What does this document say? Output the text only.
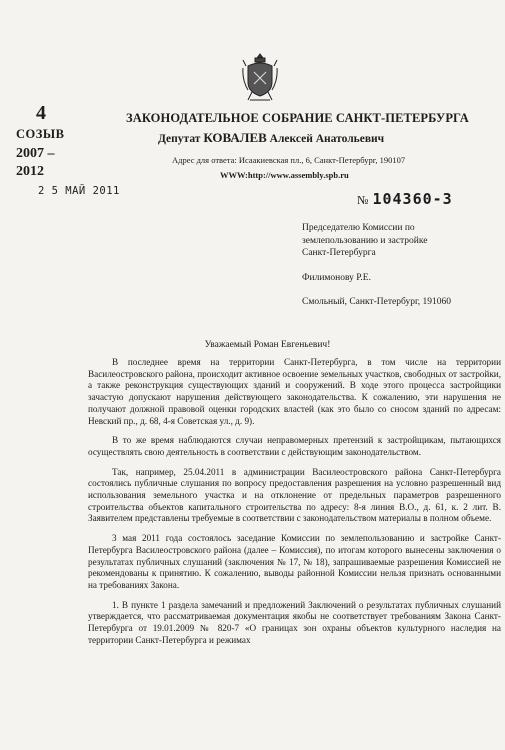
4
СОЗЫВ
2007 –
2012
ЗАКОНОДАТЕЛЬНОЕ СОБРАНИЕ САНКТ-ПЕТЕРБУРГА
Депутат КОВАЛЕВ Алексей Анатольевич
Адрес для ответа: Исаакиевская пл., 6, Санкт-Петербург, 190107
WWW:http://www.assembly.spb.ru
2 5 МАЙ 2011
№ 104360-3
Председателю Комиссии по
землепользованию и застройке
Санкт-Петербурга
Филимонову Р.Е.
Смольный, Санкт-Петербург, 191060
Уважаемый Роман Евгеньевич!

В последнее время на территории Санкт-Петербурга, в том числе на территории Василеостровского района, происходит активное освоение земельных участков, свободных от застройки, а также реконструкция существующих зданий и сооружений. В ходе этого процесса застройщики зачастую допускают нарушения действующего законодательства. К сожалению, эти нарушения не получают должной правовой оценки городских властей (как это было со сносом зданий по адресам: Невский пр., д. 68, 4-я Советская ул., д. 9).

В то же время наблюдаются случаи неправомерных претензий к застройщикам, пытающихся осуществлять свою деятельность в соответствии с действующим законодательством.

Так, например, 25.04.2011 в администрации Василеостровского района Санкт-Петербурга состоялись публичные слушания по вопросу предоставления разрешения на условно разрешенный вид использования земельного участка и на отклонение от предельных параметров разрешенного строительства объектов капитального строительства по адресу: 8-я линия В.О., д. 61, к. 2 лит. В. Заявителем представлены требуемые в соответствии с законодательством материалы в полном объеме.

3 мая 2011 года состоялось заседание Комиссии по землепользованию и застройке Санкт-Петербурга Василеостровского района (далее – Комиссия), по итогам которого вынесены заключения о результатах публичных слушаний (заключения № 17, № 18), запрашиваемые разрешения Комиссией не рекомендованы к принятию. К сожалению, выводы районной Комиссии нельзя признать основанными на требованиях Закона.

1. В пункте 1 раздела замечаний и предложений Заключений о результатах публичных слушаний утверждается, что рассматриваемая документация якобы не соответствует требованиям Закона Санкт-Петербурга от 19.01.2009 № 820-7 «О границах зон охраны объектов культурного наследия на территории Санкт-Петербурга и режимах
